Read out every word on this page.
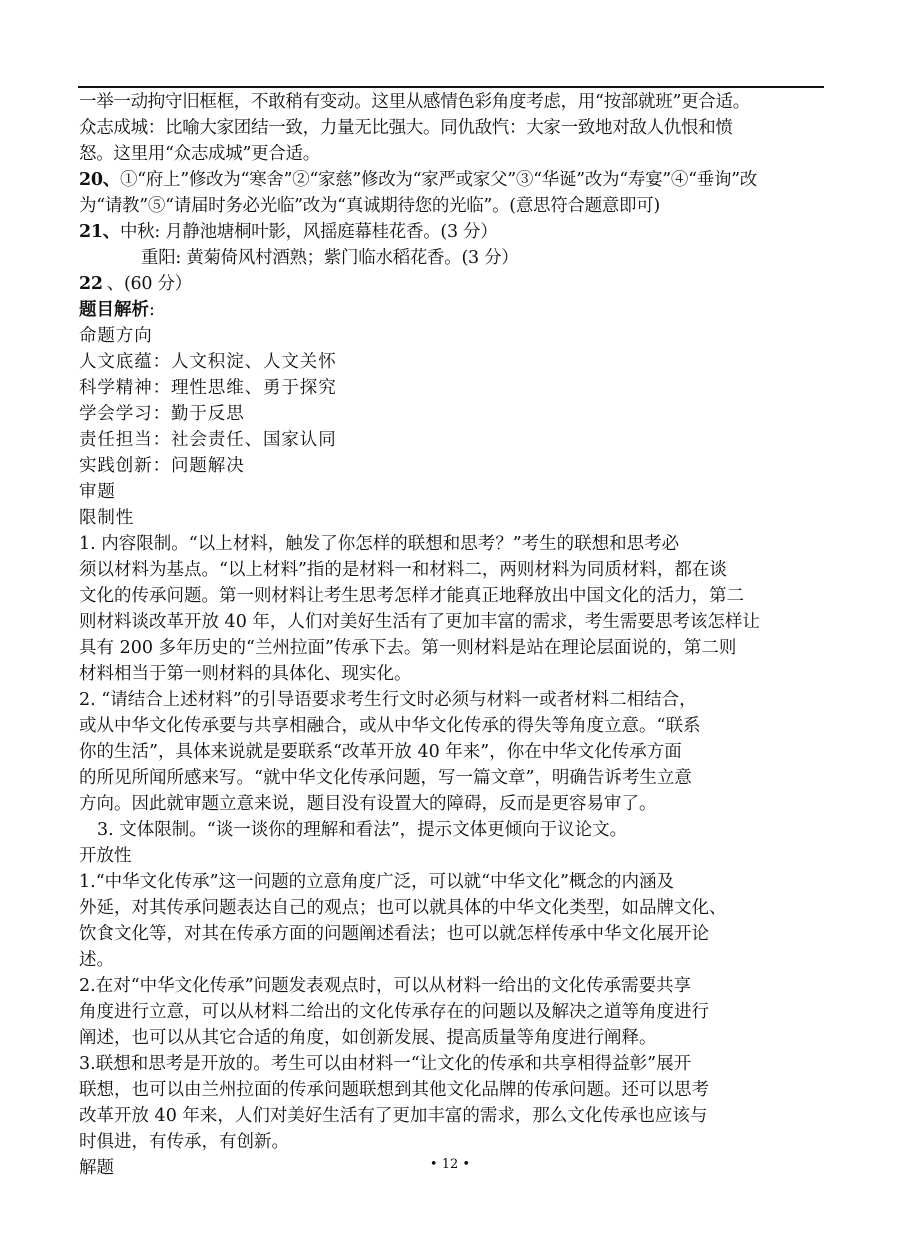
一举一动拘守旧框框，不敢稍有变动。这里从感情色彩角度考虑，用“按部就班”更合适。

众志成城：比喻大家团结一致，力量无比强大。同仇敌忾：大家一致地对敌人仇恨和愤

怒。这里用“众志成城”更合适。

20、①“府上”修改为“寒舍”②“家慈”修改为“家严或家父”③“华诞”改为“寿宴”④“垂询”改

为“请教”⑤“请届时务必光临”改为“真诚期待您的光临”。(意思符合题意即可)

21、中秋: 月静池塘桐叶影，风摇庭幕桂花香。(3 分）

重阳: 黄菊倚风村酒熟；紫门临水稻花香。(3 分）

22 、(60 分）

题目解析:

命题方向

人文底蕴：人文积淀、人文关怀

科学精神：理性思维、勇于探究

学会学习：勤于反思

责任担当：社会责任、国家认同

实践创新：问题解决

审题

限制性

1. 内容限制。“以上材料，触发了你怎样的联想和思考？”考生的联想和思考必

须以材料为基点。“以上材料”指的是材料一和材料二，两则材料为同质材料，都在谈

文化的传承问题。第一则材料让考生思考怎样才能真正地释放出中国文化的活力，第二

则材料谈改革开放 40 年，人们对美好生活有了更加丰富的需求，考生需要思考该怎样让

具有 200 多年历史的“兰州拉面”传承下去。第一则材料是站在理论层面说的，第二则

材料相当于第一则材料的具体化、现实化。

2. “请结合上述材料”的引导语要求考生行文时必须与材料一或者材料二相结合，

或从中华文化传承要与共享相融合，或从中华文化传承的得失等角度立意。“联系

你的生活”，具体来说就是要联系“改革开放 40 年来”，你在中华文化传承方面

的所见所闻所感来写。“就中华文化传承问题，写一篇文章”，明确告诉考生立意

方向。因此就审题立意来说，题目没有设置大的障碍，反而是更容易审了。

3. 文体限制。“谈一谈你的理解和看法”，提示文体更倾向于议论文。

开放性

1.“中华文化传承”这一问题的立意角度广泛，可以就“中华文化”概念的内涵及

外延，对其传承问题表达自己的观点；也可以就具体的中华文化类型，如品牌文化、

饮食文化等，对其在传承方面的问题阐述看法；也可以就怎样传承中华文化展开论

述。

2.在对“中华文化传承”问题发表观点时，可以从材料一给出的文化传承需要共享

角度进行立意，可以从材料二给出的文化传承存在的问题以及解决之道等角度进行

阐述，也可以从其它合适的角度，如创新发展、提高质量等角度进行阐释。

3.联想和思考是开放的。考生可以由材料一“让文化的传承和共享相得益彰”展开

联想，也可以由兰州拉面的传承问题联想到其他文化品牌的传承问题。还可以思考

改革开放 40 年来，人们对美好生活有了更加丰富的需求，那么文化传承也应该与

时俱进，有传承，有创新。

解题	• 12 •
